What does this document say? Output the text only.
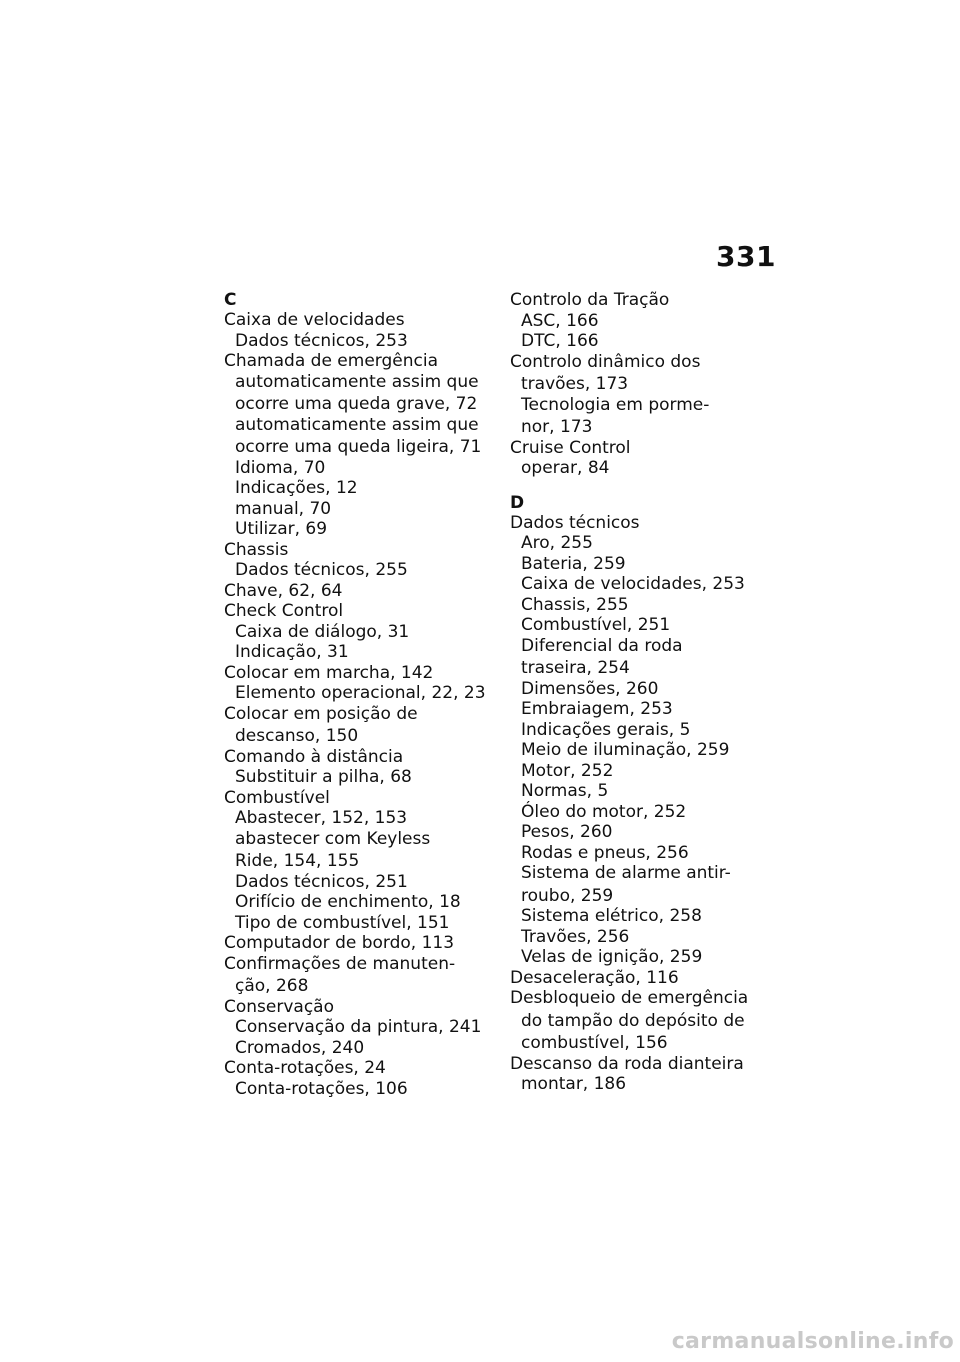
331
C
Caixa de velocidades
Dados técnicos, 253
Chamada de emergência
automaticamente assim que
ocorre uma queda grave, 72
automaticamente assim que
ocorre uma queda ligeira, 71
Idioma, 70
Indicações, 12
manual, 70
Utilizar, 69
Chassis
Dados técnicos, 255
Chave, 62, 64
Check Control
Caixa de diálogo, 31
Indicação, 31
Colocar em marcha, 142
Elemento operacional, 22, 23
Colocar em posição de
descanso, 150
Comando à distância
Substituir a pilha, 68
Combustível
Abastecer, 152, 153
abastecer com Keyless
Ride, 154, 155
Dados técnicos, 251
Orifício de enchimento, 18
Tipo de combustível, 151
Computador de bordo, 113
Confirmações de manuten-
ção, 268
Conservação
Conservação da pintura, 241
Cromados, 240
Conta-rotações, 24
Conta-rotações, 106
Controlo da Tração
ASC, 166
DTC, 166
Controlo dinâmico dos
travões, 173
Tecnologia em porme-
nor, 173
Cruise Control
operar, 84
D
Dados técnicos
Aro, 255
Bateria, 259
Caixa de velocidades, 253
Chassis, 255
Combustível, 251
Diferencial da roda
traseira, 254
Dimensões, 260
Embraiagem, 253
Indicações gerais, 5
Meio de iluminação, 259
Motor, 252
Normas, 5
Óleo do motor, 252
Pesos, 260
Rodas e pneus, 256
Sistema de alarme antir-
roubo, 259
Sistema elétrico, 258
Travões, 256
Velas de ignição, 259
Desaceleração, 116
Desbloqueio de emergência
do tampão do depósito de
combustível, 156
Descanso da roda dianteira
montar, 186
carmanualsonline.info
